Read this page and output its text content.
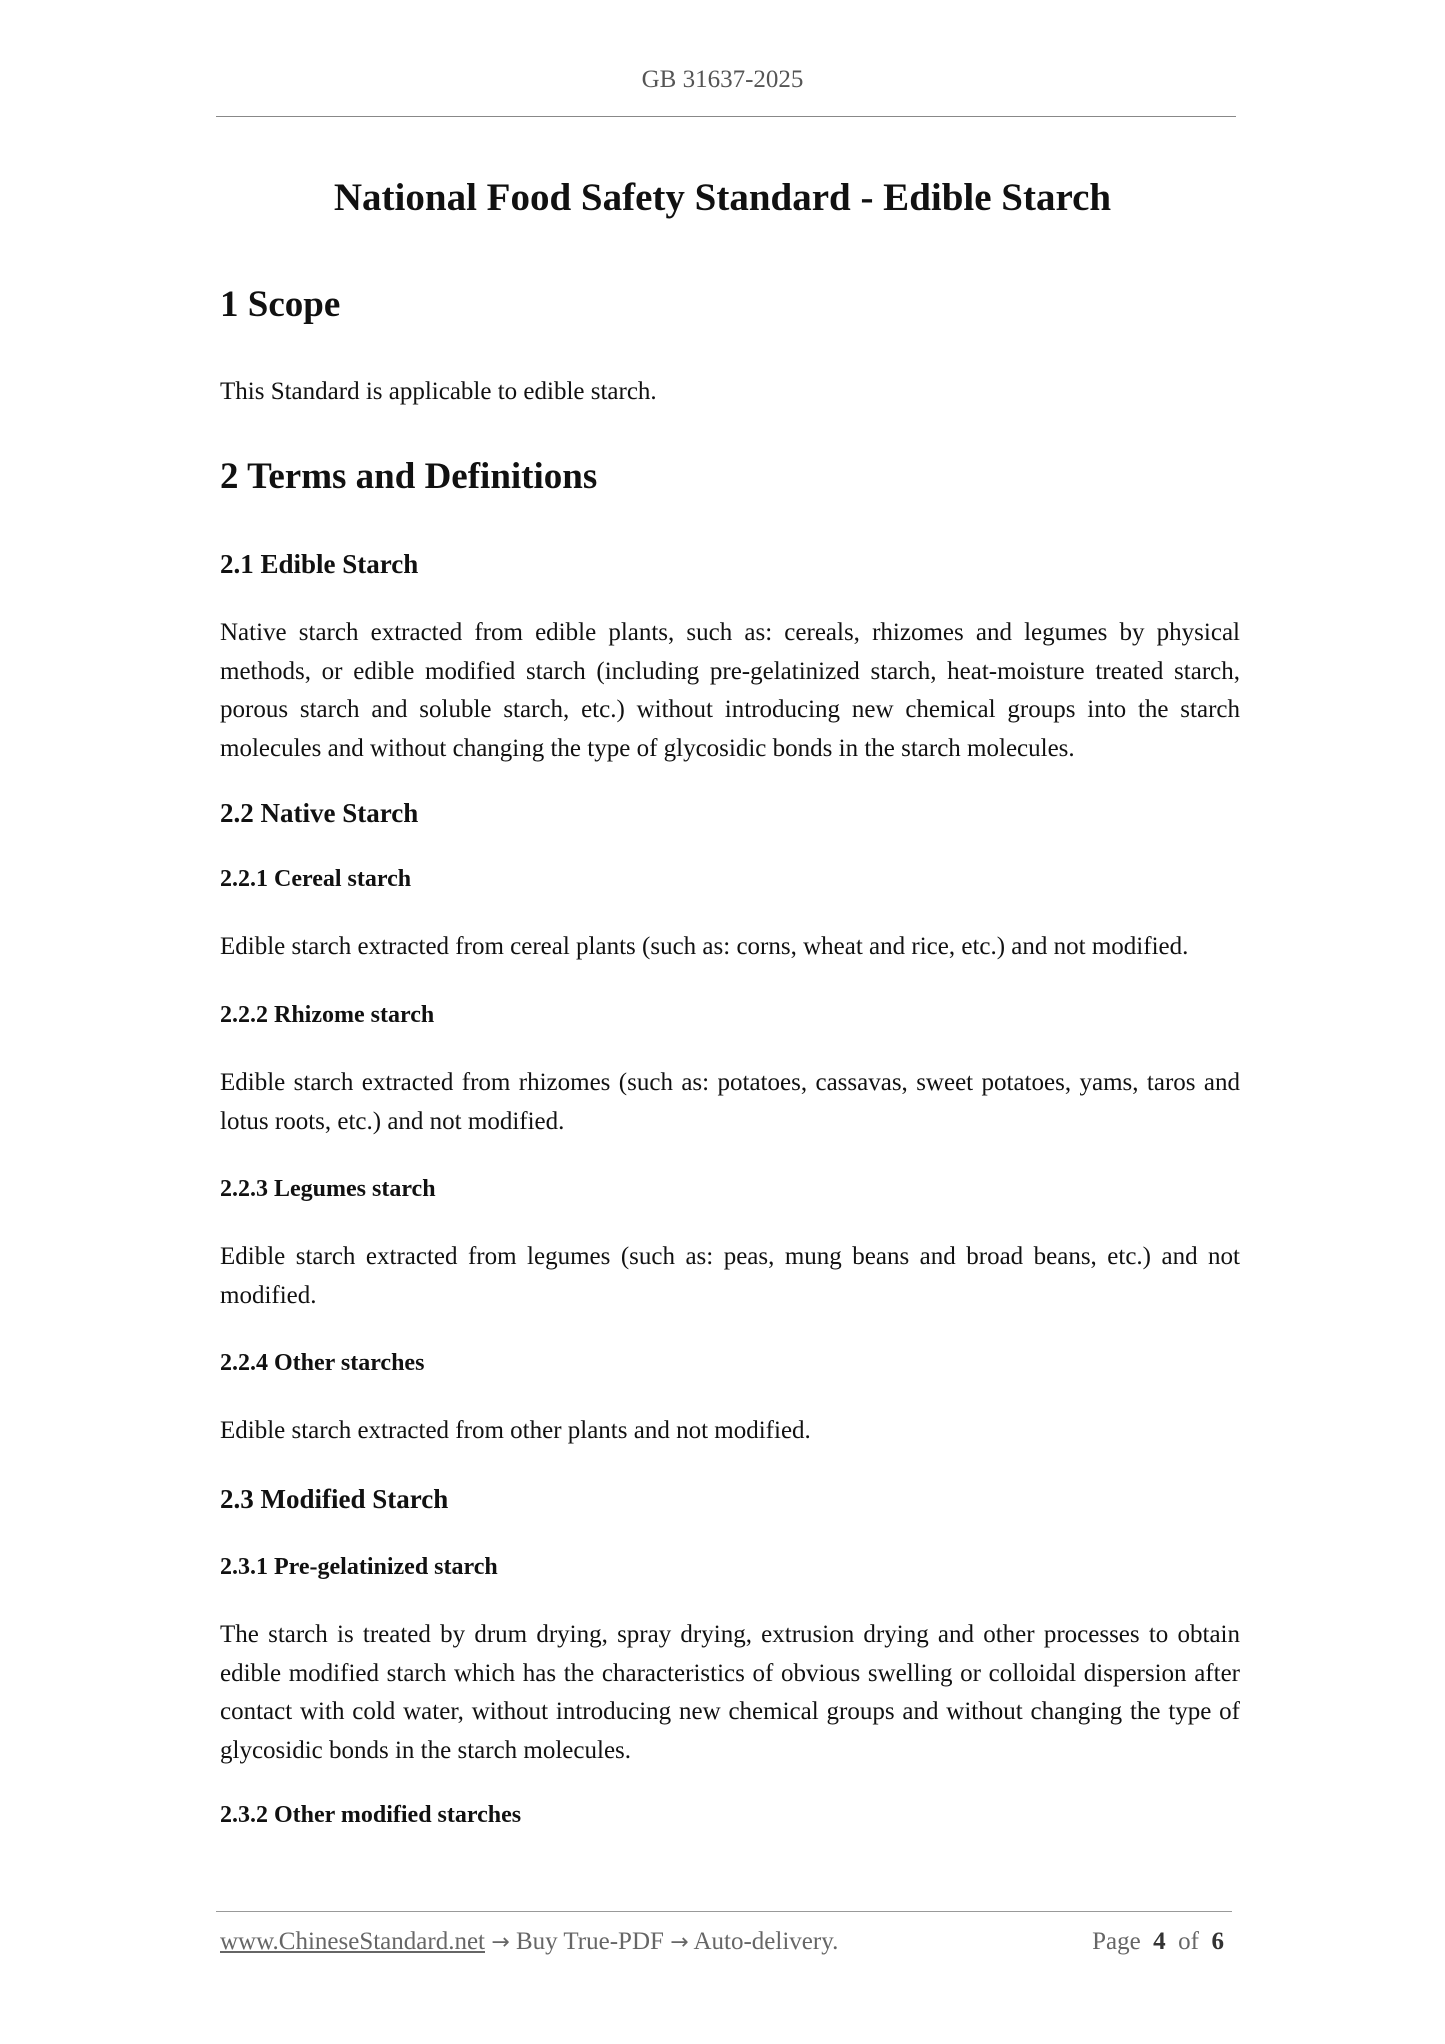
GB 31637-2025
National Food Safety Standard - Edible Starch
1 Scope

This Standard is applicable to edible starch.

2 Terms and Definitions
2.1 Edible Starch

Native starch extracted from edible plants, such as: cereals, rhizomes and legumes by physical methods, or edible modified starch (including pre-gelatinized starch, heat-moisture treated starch, porous starch and soluble starch, etc.) without introducing new chemical groups into the starch molecules and without changing the type of glycosidic bonds in the starch molecules.

2.2 Native Starch
2.2.1 Cereal starch

Edible starch extracted from cereal plants (such as: corns, wheat and rice, etc.) and not modified.

2.2.2 Rhizome starch

Edible starch extracted from rhizomes (such as: potatoes, cassavas, sweet potatoes, yams, taros and lotus roots, etc.) and not modified.

2.2.3 Legumes starch

Edible starch extracted from legumes (such as: peas, mung beans and broad beans, etc.) and not modified.

2.2.4 Other starches

Edible starch extracted from other plants and not modified.

2.3 Modified Starch
2.3.1 Pre-gelatinized starch

The starch is treated by drum drying, spray drying, extrusion drying and other processes to obtain edible modified starch which has the characteristics of obvious swelling or colloidal dispersion after contact with cold water, without introducing new chemical groups and without changing the type of glycosidic bonds in the starch molecules.

2.3.2 Other modified starches
www.ChineseStandard.net → Buy True-PDF → Auto-delivery.	Page 4 of 6
